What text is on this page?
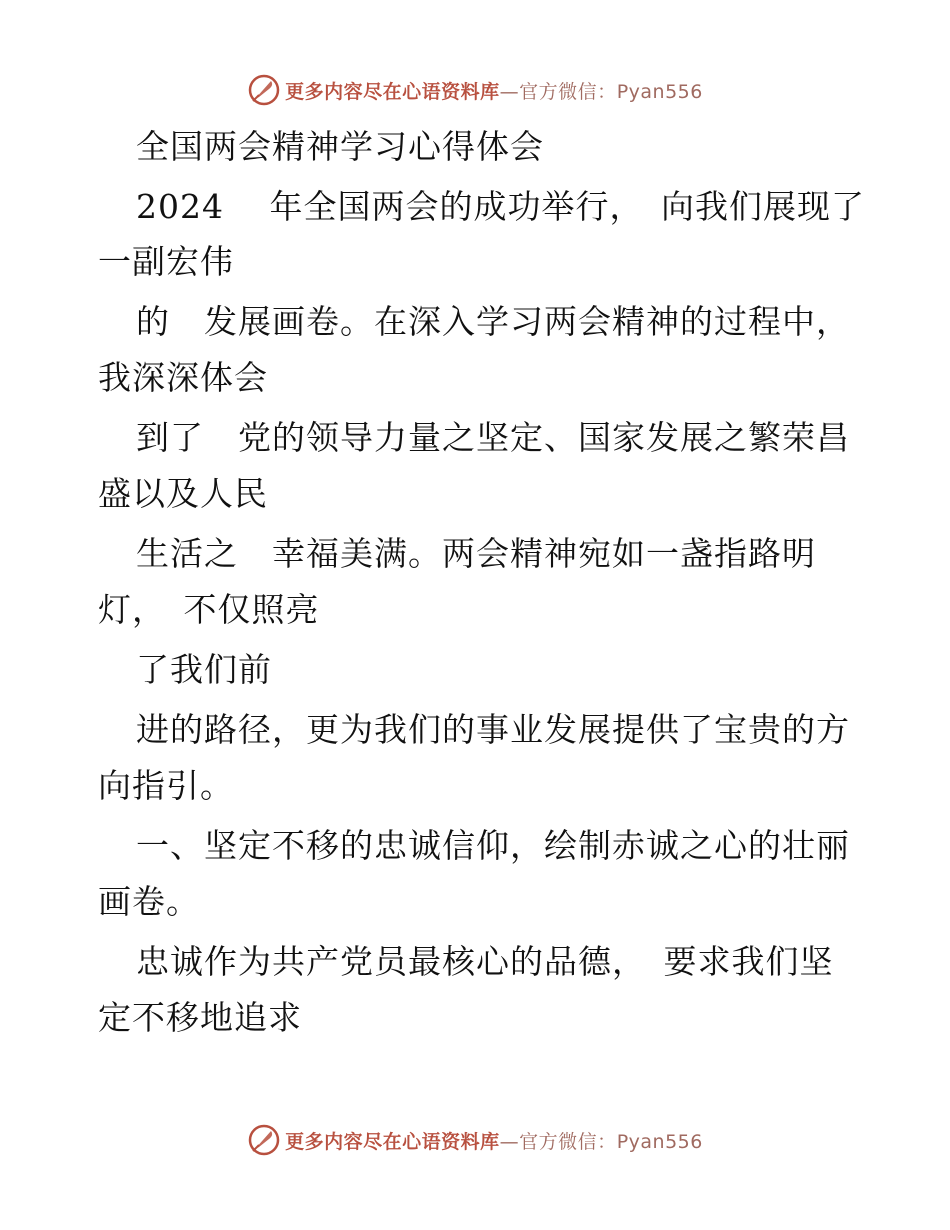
更多内容尽在心语资料库—官方微信：Pyan556
全国两会精神学习心得体会
2024　 年全国两会的成功举行，　向我们展现了
一副宏伟
的　发展画卷。在深入学习两会精神的过程中，
我深深体会
到了　党的领导力量之坚定、国家发展之繁荣昌
盛以及人民
生活之　幸福美满。两会精神宛如一盏指路明
灯，　不仅照亮
了我们前
进的路径，更为我们的事业发展提供了宝贵的方
向指引。
一、坚定不移的忠诚信仰，绘制赤诚之心的壮丽
画卷。
忠诚作为共产党员最核心的品德，　要求我们坚
定不移地追求
更多内容尽在心语资料库—官方微信：Pyan556
